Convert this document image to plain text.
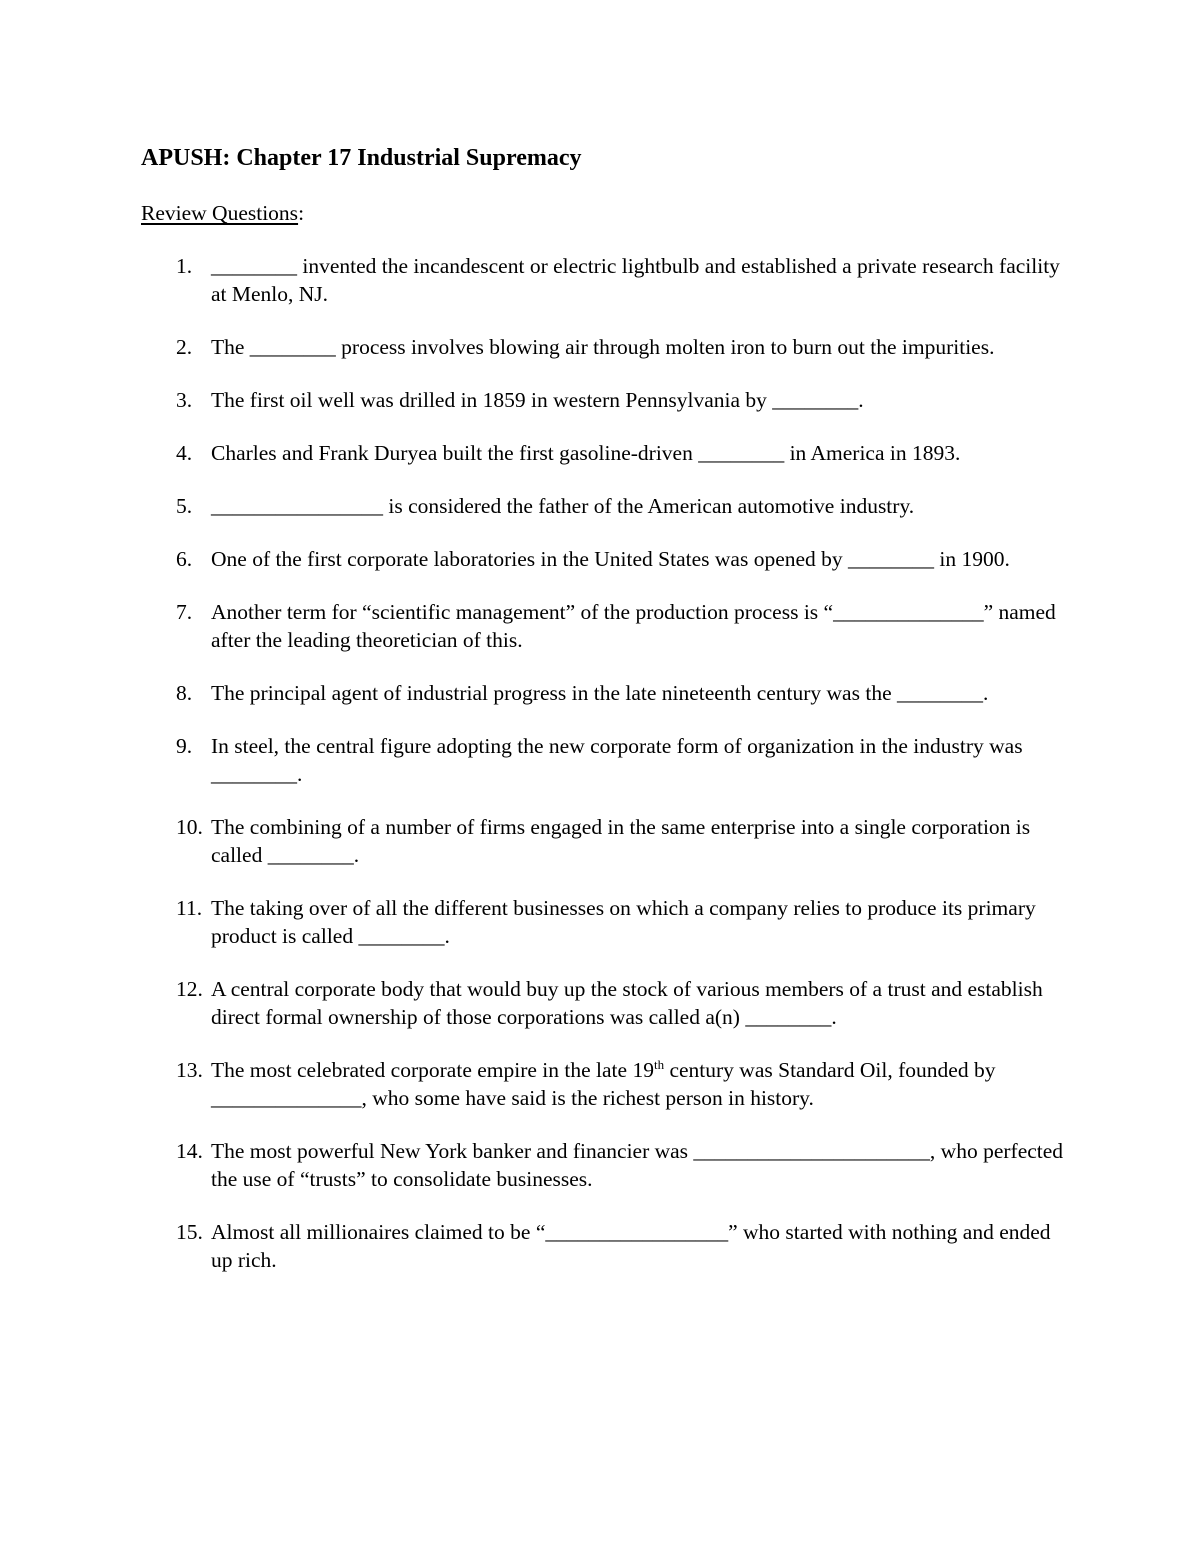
APUSH: Chapter 17 Industrial Supremacy

Review Questions:

1. ________ invented the incandescent or electric lightbulb and established a private research facility at Menlo, NJ.
2. The ________ process involves blowing air through molten iron to burn out the impurities.
3. The first oil well was drilled in 1859 in western Pennsylvania by ________.
4. Charles and Frank Duryea built the first gasoline-driven ________ in America in 1893.
5. ________________ is considered the father of the American automotive industry.
6. One of the first corporate laboratories in the United States was opened by ________ in 1900.
7. Another term for “scientific management” of the production process is “______________” named after the leading theoretician of this.
8. The principal agent of industrial progress in the late nineteenth century was the ________.
9. In steel, the central figure adopting the new corporate form of organization in the industry was ________.
10. The combining of a number of firms engaged in the same enterprise into a single corporation is called ________.
11. The taking over of all the different businesses on which a company relies to produce its primary product is called ________.
12. A central corporate body that would buy up the stock of various members of a trust and establish direct formal ownership of those corporations was called a(n) ________.
13. The most celebrated corporate empire in the late 19th century was Standard Oil, founded by ______________, who some have said is the richest person in history.
14. The most powerful New York banker and financier was ______________________, who perfected the use of “trusts” to consolidate businesses.
15. Almost all millionaires claimed to be “_________________” who started with nothing and ended up rich.
